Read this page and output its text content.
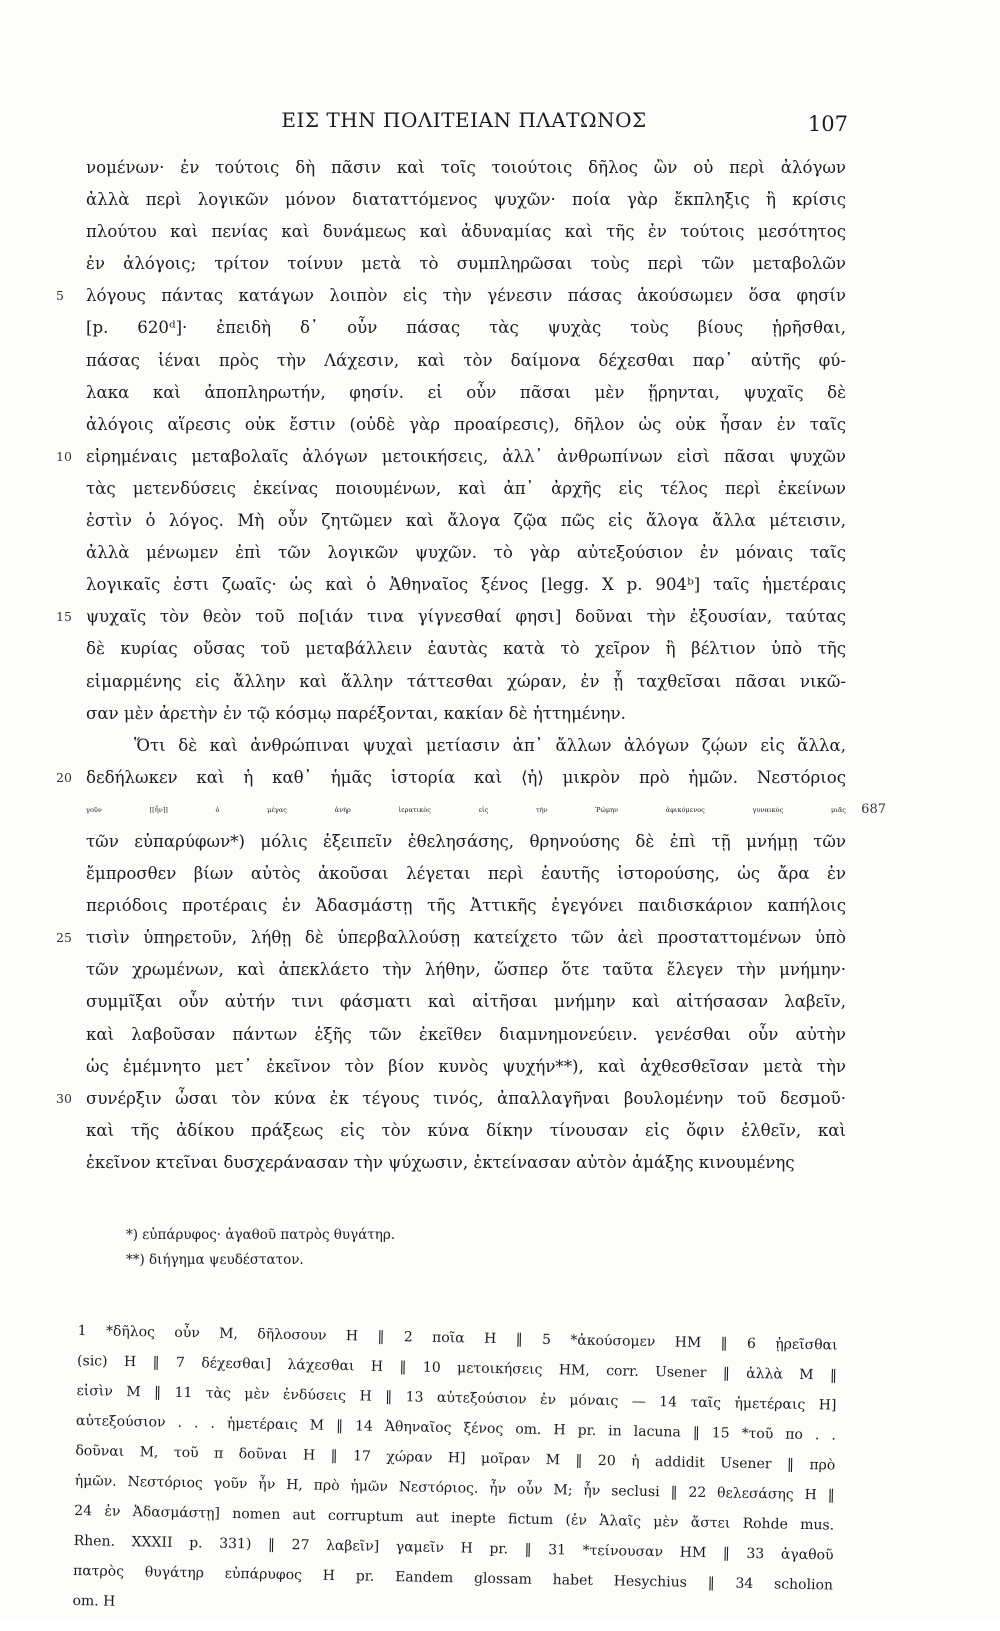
ΕΙΣ ΤΗΝ ΠΟΛΙΤΕΙΑΝ ΠΛΑΤΩΝΟΣ	107
νομένων· ἐν τούτοις δὴ πᾶσιν καὶ τοῖς τοιούτοις δῆλος ὢν οὐ περὶ ἀλόγων
ἀλλὰ περὶ λογικῶν μόνον διαταττόμενος ψυχῶν· ποία γὰρ ἔκπληξις ἢ κρίσις
πλούτου καὶ πενίας καὶ δυνάμεως καὶ ἀδυναμίας καὶ τῆς ἐν τούτοις μεσότητος
ἐν ἀλόγοις; τρίτον τοίνυν μετὰ τὸ συμπληρῶσαι τοὺς περὶ τῶν μεταβολῶν
5	λόγους πάντας κατάγων λοιπὸν εἰς τὴν γένεσιν πάσας ἀκούσωμεν ὅσα φησίν
[p. 620ᵈ]· ἐπειδὴ δ᾽ οὖν πάσας τὰς ψυχὰς τοὺς βίους ᾑρῆσθαι,
πάσας ἰέναι πρὸς τὴν Λάχεσιν, καὶ τὸν δαίμονα δέχεσθαι παρ᾽ αὐτῆς φύ-
λακα καὶ ἀποπληρωτήν, φησίν. εἰ οὖν πᾶσαι μὲν ᾕρηνται, ψυχαῖς δὲ
ἀλόγοις αἵρεσις οὐκ ἔστιν (οὐδὲ γὰρ προαίρεσις), δῆλον ὡς οὐκ ἦσαν ἐν ταῖς
10 εἰρημέναις μεταβολαῖς ἀλόγων μετοικήσεις, ἀλλ᾽ ἀνθρωπίνων εἰσὶ πᾶσαι ψυχῶν
τὰς μετενδύσεις ἐκείνας ποιουμένων, καὶ ἀπ᾽ ἀρχῆς εἰς τέλος περὶ ἐκείνων
ἐστὶν ὁ λόγος. Μὴ οὖν ζητῶμεν καὶ ἄλογα ζῷα πῶς εἰς ἄλογα ἄλλα μέτεισιν,
ἀλλὰ μένωμεν ἐπὶ τῶν λογικῶν ψυχῶν. τὸ γὰρ αὐτεξούσιον ἐν μόναις ταῖς
λογικαῖς ἐστι ζωαῖς· ὡς καὶ ὁ Ἀθηναῖος ξένος [legg. X p. 904ᵇ] ταῖς ἡμετέραις
15 ψυχαῖς τὸν θεὸν τοῦ πο[ιάν τινα γίγνεσθαί φησι] δοῦναι τὴν ἐξουσίαν, ταύτας
δὲ κυρίας οὔσας τοῦ μεταβάλλειν ἑαυτὰς κατὰ τὸ χεῖρον ἢ βέλτιον ὑπὸ τῆς
εἱμαρμένης εἰς ἄλλην καὶ ἄλλην τάττεσθαι χώραν, ἐν ᾗ ταχθεῖσαι πᾶσαι νικῶ-
σαν μὲν ἀρετὴν ἐν τῷ κόσμῳ παρέξονται, κακίαν δὲ ἡττημένην.
Ὅτι δὲ καὶ ἀνθρώπιναι ψυχαὶ μετίασιν ἀπ᾽ ἄλλων ἀλόγων ζῴων εἰς ἄλλα,
20 δεδήλωκεν καὶ ἡ καθ᾽ ἡμᾶς ἱστορία καὶ ⟨ἡ⟩ μικρὸν πρὸ ἡμῶν. Νεστόριος
γοῦν [[ἦν]] ὁ μέγας ἀνὴρ ἱερατικὸς εἰς τὴν Ῥώμην ἀφικόμενος γυναικὸς μιᾶς 687
τῶν εὐπαρύφων*) μόλις ἐξειπεῖν ἐθελησάσης, θρηνούσης δὲ ἐπὶ τῇ μνήμῃ τῶν
ἔμπροσθεν βίων αὐτὸς ἀκοῦσαι λέγεται περὶ ἑαυτῆς ἱστορούσης, ὡς ἄρα ἐν
περιόδοις προτέραις ἐν Ἀδασμάστῃ τῆς Ἀττικῆς ἐγεγόνει παιδισκάριον καπήλοις
25 τισὶν ὑπηρετοῦν, λήθῃ δὲ ὑπερβαλλούσῃ κατείχετο τῶν ἀεὶ προσταττομένων ὑπὸ
τῶν χρωμένων, καὶ ἀπεκλάετο τὴν λήθην, ὥσπερ ὅτε ταῦτα ἔλεγεν τὴν μνήμην·
συμμῖξαι οὖν αὐτήν τινι φάσματι καὶ αἰτῆσαι μνήμην καὶ αἰτήσασαν λαβεῖν,
καὶ λαβοῦσαν πάντων ἑξῆς τῶν ἐκεῖθεν διαμνημονεύειν. γενέσθαι οὖν αὐτὴν
ὡς ἐμέμνητο μετ᾽ ἐκεῖνον τὸν βίον κυνὸς ψυχήν**), καὶ ἀχθεσθεῖσαν μετὰ τὴν
30 συνέρξιν ὦσαι τὸν κύνα ἐκ τέγους τινός, ἀπαλλαγῆναι βουλομένην τοῦ δεσμοῦ·
καὶ τῆς ἀδίκου πράξεως εἰς τὸν κύνα δίκην τίνουσαν εἰς ὄφιν ἐλθεῖν, καὶ
ἐκεῖνον κτεῖναι δυσχεράνασαν τὴν ψύχωσιν, ἐκτείνασαν αὐτὸν ἁμάξης κινουμένης
*) εὐπάρυφος· ἀγαθοῦ πατρὸς θυγάτηρ.
**) διήγημα ψευδέστατον.
1 *δῆλος οὖν M, δῆλοσουν H ‖ 2 ποῖα H ‖ 5 *ἀκούσομεν HM ‖ 6 ᾑρεῖσθαι
(sic) H ‖ 7 δέχεσθαι] λάχεσθαι H ‖ 10 μετοικήσεις HM, corr. Usener ‖ ἀλλὰ M ‖
εἰσὶν M ‖ 11 τὰς μὲν ἐνδύσεις H ‖ 13 αὐτεξούσιον ἐν μόναις — 14 ταῖς ἡμετέραις H]
αὐτεξούσιον . . . ἡμετέραις M ‖ 14 Ἀθηναῖος ξένος om. H pr. in lacuna ‖ 15 *τοῦ πο . .
δοῦναι M, τοῦ π δοῦναι H ‖ 17 χώραν H] μοῖραν M ‖ 20 ἡ addidit Usener ‖ πρὸ
ἡμῶν. Νεστόριος γοῦν ἦν H, πρὸ ἡμῶν Νεστόριος. ἦν οὖν M; ἦν seclusi ‖ 22 θελεσάσης H ‖
24 ἐν Ἀδασμάστῃ] nomen aut corruptum aut inepte fictum (ἐν Ἁλαῖς μὲν ἄστει Rohde mus.
Rhen. XXXII p. 331) ‖ 27 λαβεῖν] γαμεῖν H pr. ‖ 31 *τείνουσαν HM ‖ 33 ἀγαθοῦ
πατρὸς θυγάτηρ εὐπάρυφος H pr. Eandem glossam habet Hesychius ‖ 34 scholion
om. H
